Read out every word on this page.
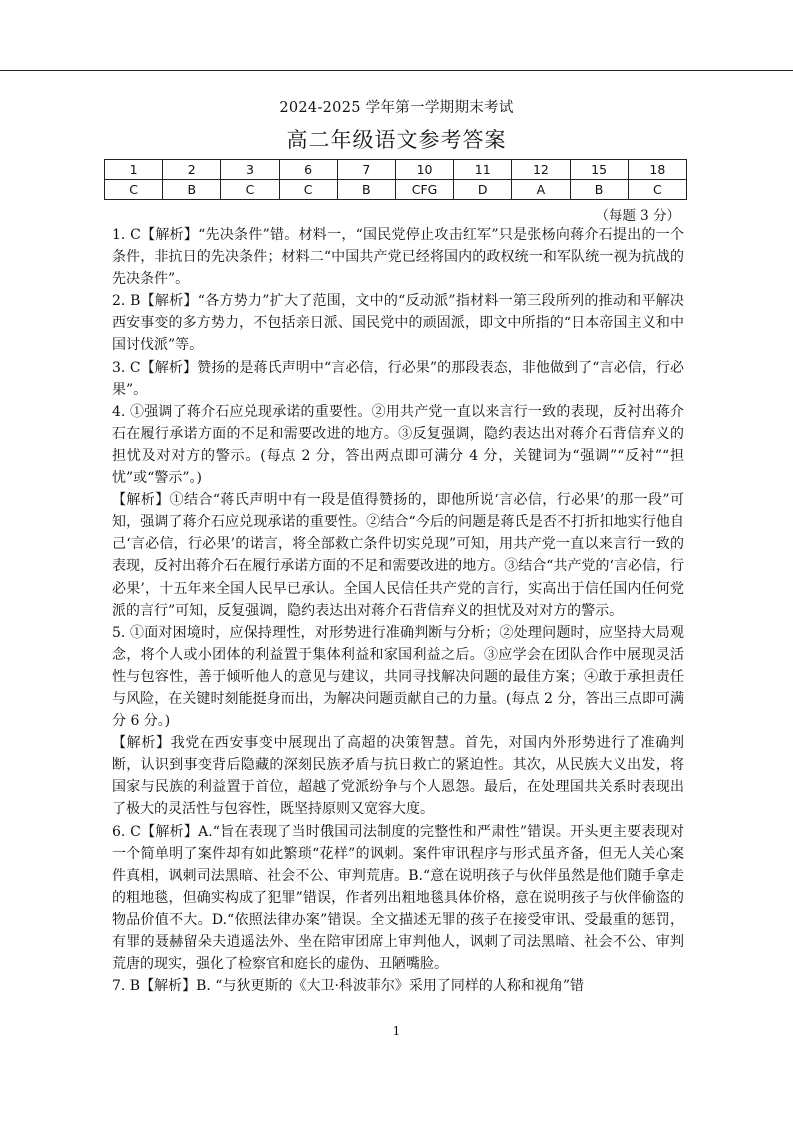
2024-2025 学年第一学期期末考试
高二年级语文参考答案
1	2	3	6	7	10	11	12	15	18
C	B	C	C	B	CFG	D	A	B	C
（每题 3 分）

1. C【解析】“先决条件”错。材料一，“国民党停止攻击红军”只是张杨向蒋介石提出的一个条件，非抗日的先决条件；材料二“中国共产党已经将国内的政权统一和军队统一视为抗战的先决条件”。

2. B【解析】“各方势力”扩大了范围，文中的“反动派”指材料一第三段所列的推动和平解决西安事变的多方势力，不包括亲日派、国民党中的顽固派，即文中所指的“日本帝国主义和中国讨伐派”等。

3. C【解析】赞扬的是蒋氏声明中“言必信，行必果”的那段表态，非他做到了“言必信，行必果”。

4. ①强调了蒋介石应兑现承诺的重要性。②用共产党一直以来言行一致的表现，反衬出蒋介石在履行承诺方面的不足和需要改进的地方。③反复强调，隐约表达出对蒋介石背信弃义的担忧及对对方的警示。(每点 2 分，答出两点即可满分 4 分，关键词为“强调”“反衬”“担忧”或“警示”。)

【解析】①结合“蒋氏声明中有一段是值得赞扬的，即他所说‘言必信，行必果’的那一段”可知，强调了蒋介石应兑现承诺的重要性。②结合“今后的问题是蒋氏是否不打折扣地实行他自己‘言必信，行必果’的诺言，将全部救亡条件切实兑现”可知，用共产党一直以来言行一致的表现，反衬出蒋介石在履行承诺方面的不足和需要改进的地方。③结合“共产党的‘言必信，行必果’，十五年来全国人民早已承认。全国人民信任共产党的言行，实高出于信任国内任何党派的言行”可知，反复强调，隐约表达出对蒋介石背信弃义的担忧及对对方的警示。

5. ①面对困境时，应保持理性，对形势进行准确判断与分析；②处理问题时，应坚持大局观念，将个人或小团体的利益置于集体利益和家国利益之后。③应学会在团队合作中展现灵活性与包容性，善于倾听他人的意见与建议，共同寻找解决问题的最佳方案；④敢于承担责任与风险，在关键时刻能挺身而出，为解决问题贡献自己的力量。(每点 2 分，答出三点即可满分 6 分。)

【解析】我党在西安事变中展现出了高超的决策智慧。首先，对国内外形势进行了准确判断，认识到事变背后隐藏的深刻民族矛盾与抗日救亡的紧迫性。其次，从民族大义出发，将国家与民族的利益置于首位，超越了党派纷争与个人恩怨。最后，在处理国共关系时表现出了极大的灵活性与包容性，既坚持原则又宽容大度。

6. C【解析】A.“旨在表现了当时俄国司法制度的完整性和严肃性”错误。开头更主要表现对一个简单明了案件却有如此繁琐“花样”的讽刺。案件审讯程序与形式虽齐备，但无人关心案件真相，讽刺司法黑暗、社会不公、审判荒唐。B.“意在说明孩子与伙伴虽然是他们随手拿走的粗地毯，但确实构成了犯罪”错误，作者列出粗地毯具体价格，意在说明孩子与伙伴偷盗的物品价值不大。D.“依照法律办案”错误。全文描述无罪的孩子在接受审讯、受最重的惩罚，有罪的聂赫留朵夫逍遥法外、坐在陪审团席上审判他人，讽刺了司法黑暗、社会不公、审判荒唐的现实，强化了检察官和庭长的虚伪、丑陋嘴脸。

7. B【解析】B. “与狄更斯的《大卫·科波菲尔》采用了同样的人称和视角”错

1
